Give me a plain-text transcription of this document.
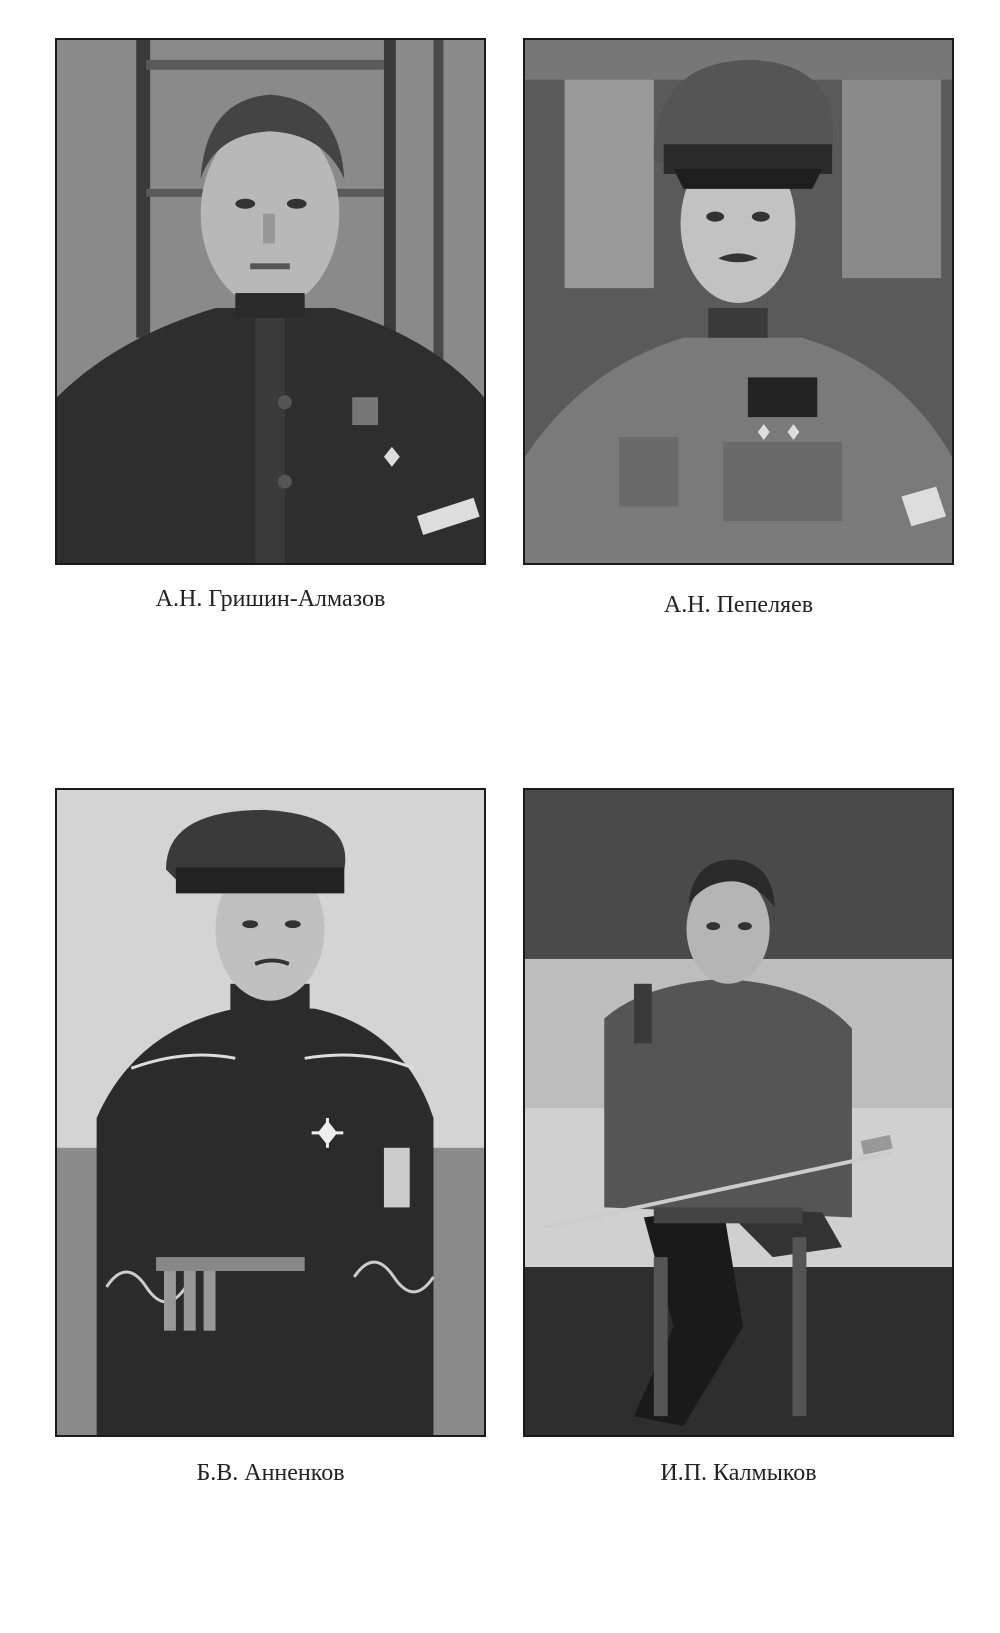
А.Н. Гришин-Алмазов	А.Н. Пепеляев
Б.В. Анненков	И.П. Калмыков
